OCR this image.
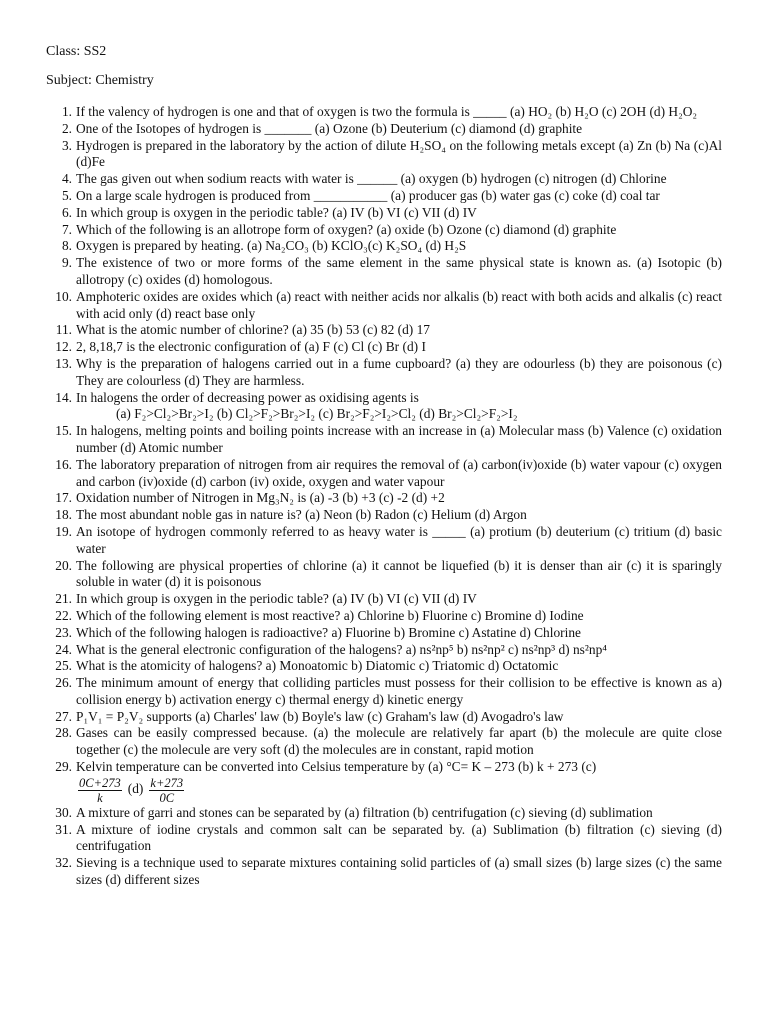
Class: SS2
Subject: Chemistry
1. If the valency of hydrogen is one and that of oxygen is two the formula is _____ (a) HO₂ (b) H₂O (c) 2OH (d) H₂O₂
2. One of the Isotopes of hydrogen is _______ (a) Ozone (b) Deuterium (c) diamond (d) graphite
3. Hydrogen is prepared in the laboratory by the action of dilute H₂SO₄ on the following metals except (a) Zn (b) Na (c)Al (d)Fe
4. The gas given out when sodium reacts with water is ______ (a) oxygen (b) hydrogen (c) nitrogen (d) Chlorine
5. On a large scale hydrogen is produced from ___________ (a) producer gas (b) water gas (c) coke (d) coal tar
6. In which group is oxygen in the periodic table? (a) IV (b) VI (c) VII (d) IV
7. Which of the following is an allotrope form of oxygen? (a) oxide (b) Ozone (c) diamond (d) graphite
8. Oxygen is prepared by heating. (a) Na₂CO₃ (b) KClO₃(c) K₂SO₄ (d) H₂S
9. The existence of two or more forms of the same element in the same physical state is known as. (a) Isotopic (b) allotropy (c) oxides (d) homologous.
10. Amphoteric oxides are oxides which (a) react with neither acids nor alkalis (b) react with both acids and alkalis (c) react with acid only (d) react base only
11. What is the atomic number of chlorine? (a) 35 (b) 53 (c) 82 (d) 17
12. 2, 8,18,7 is the electronic configuration of (a) F (c) Cl (c) Br (d) I
13. Why is the preparation of halogens carried out in a fume cupboard? (a) they are odourless (b) they are poisonous (c) They are colourless (d) They are harmless.
14. In halogens the order of decreasing power as oxidising agents is
(a) F₂>Cl₂>Br₂>I₂ (b) Cl₂>F₂>Br₂>I₂ (c) Br₂>F₂>I₂>Cl₂ (d) Br₂>Cl₂>F₂>I₂
15. In halogens, melting points and boiling points increase with an increase in (a) Molecular mass (b) Valence (c) oxidation number (d) Atomic number
16. The laboratory preparation of nitrogen from air requires the removal of (a) carbon(iv)oxide (b) water vapour (c) oxygen and carbon (iv)oxide (d) carbon (iv) oxide, oxygen and water vapour
17. Oxidation number of Nitrogen in Mg₃N₂ is (a) -3 (b) +3 (c) -2 (d) +2
18. The most abundant noble gas in nature is? (a) Neon (b) Radon (c) Helium (d) Argon
19. An isotope of hydrogen commonly referred to as heavy water is _____ (a) protium (b) deuterium (c) tritium (d) basic water
20. The following are physical properties of chlorine (a) it cannot be liquefied (b) it is denser than air (c) it is sparingly soluble in water (d) it is poisonous
21. In which group is oxygen in the periodic table? (a) IV (b) VI (c) VII (d) IV
22. Which of the following element is most reactive? a) Chlorine b) Fluorine c) Bromine d) Iodine
23. Which of the following halogen is radioactive? a) Fluorine b) Bromine c) Astatine d) Chlorine
24. What is the general electronic configuration of the halogens? a) ns²np⁵ b) ns²np² c) ns²np³ d) ns²np⁴
25. What is the atomicity of halogens? a) Monoatomic b) Diatomic c) Triatomic d) Octatomic
26. The minimum amount of energy that colliding particles must possess for their collision to be effective is known as a) collision energy b) activation energy c) thermal energy d) kinetic energy
27. P₁V₁ = P₂V₂ supports (a) Charles' law (b) Boyle's law (c) Graham's law (d) Avogadro's law
28. Gases can be easily compressed because. (a) the molecule are relatively far apart (b) the molecule are quite close together (c) the molecule are very soft (d) the molecules are in constant, rapid motion
29. Kelvin temperature can be converted into Celsius temperature by (a) °C= K – 273 (b) k + 273 (c)

$\frac{0C+273}{k} (d) \frac{k+273}{0C}$
30. A mixture of garri and stones can be separated by (a) filtration (b) centrifugation (c) sieving (d) sublimation
31. A mixture of iodine crystals and common salt can be separated by. (a) Sublimation (b) filtration (c) sieving (d) centrifugation
32. Sieving is a technique used to separate mixtures containing solid particles of (a) small sizes (b) large sizes (c) the same sizes (d) different sizes
